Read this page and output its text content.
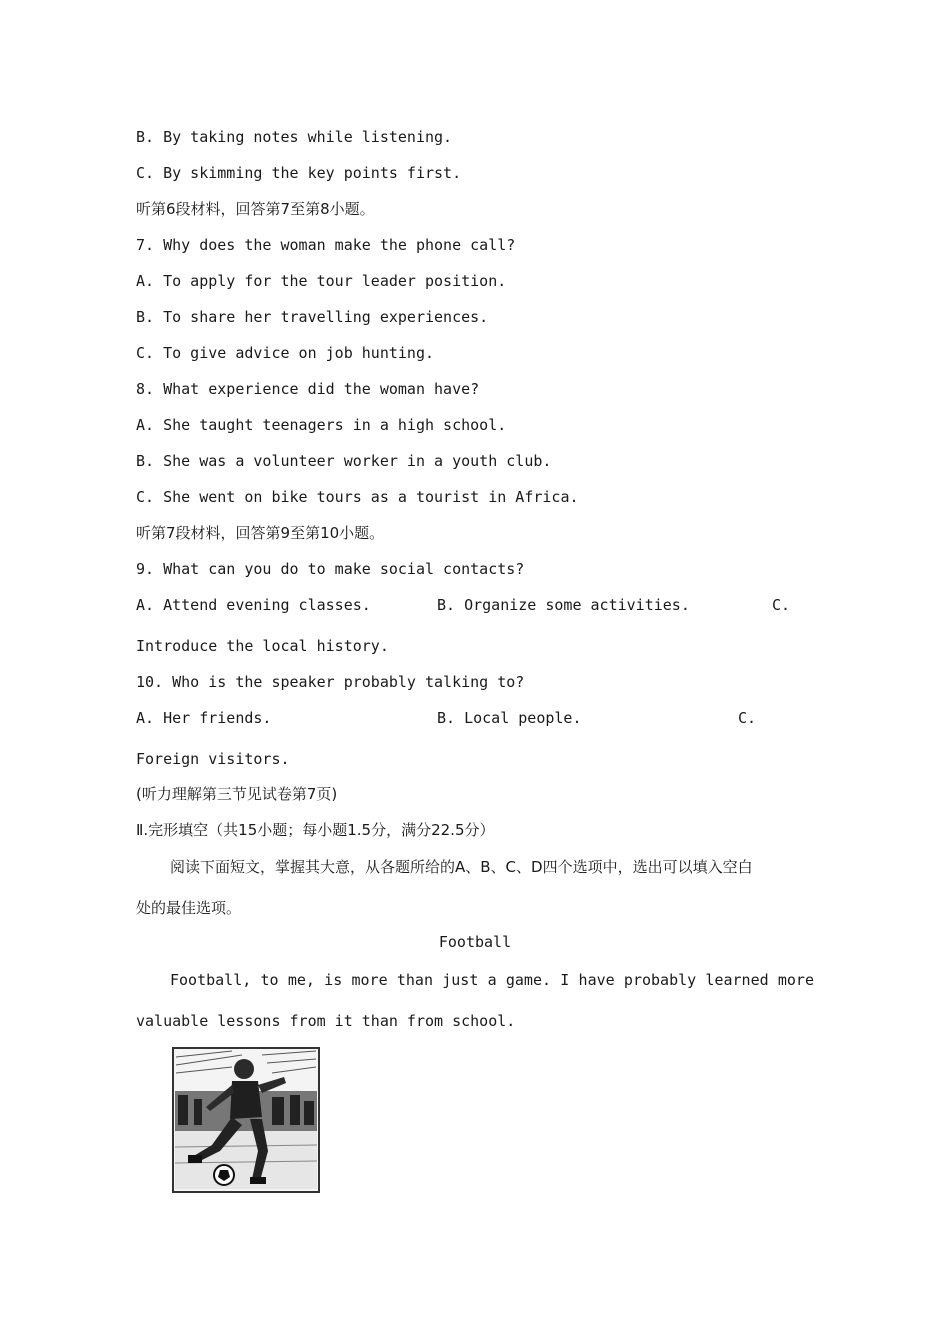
B. By taking notes while listening.
C. By skimming the key points first.
听第6段材料，回答第7至第8小题。
7. Why does the woman make the phone call?
A. To apply for the tour leader position.
B. To share her travelling experiences.
C. To give advice on job hunting.
8. What experience did the woman have?
A. She taught teenagers in a high school.
B. She was a volunteer worker in a youth club.
C. She went on bike tours as a tourist in Africa.
听第7段材料，回答第9至第10小题。
9. What can you do to make social contacts?
A. Attend evening classes.	B. Organize some activities.	C.
Introduce the local history.
10. Who is the speaker probably talking to?
A. Her friends.	B. Local people.	C.
Foreign visitors.
(听力理解第三节见试卷第7页)
Ⅱ.完形填空（共15小题；每小题1.5分，满分22.5分）
阅读下面短文，掌握其大意，从各题所给的A、B、C、D四个选项中，选出可以填入空白
处的最佳选项。
Football
Football, to me, is more than just a game. I have probably learned more
valuable lessons from it than from school.
